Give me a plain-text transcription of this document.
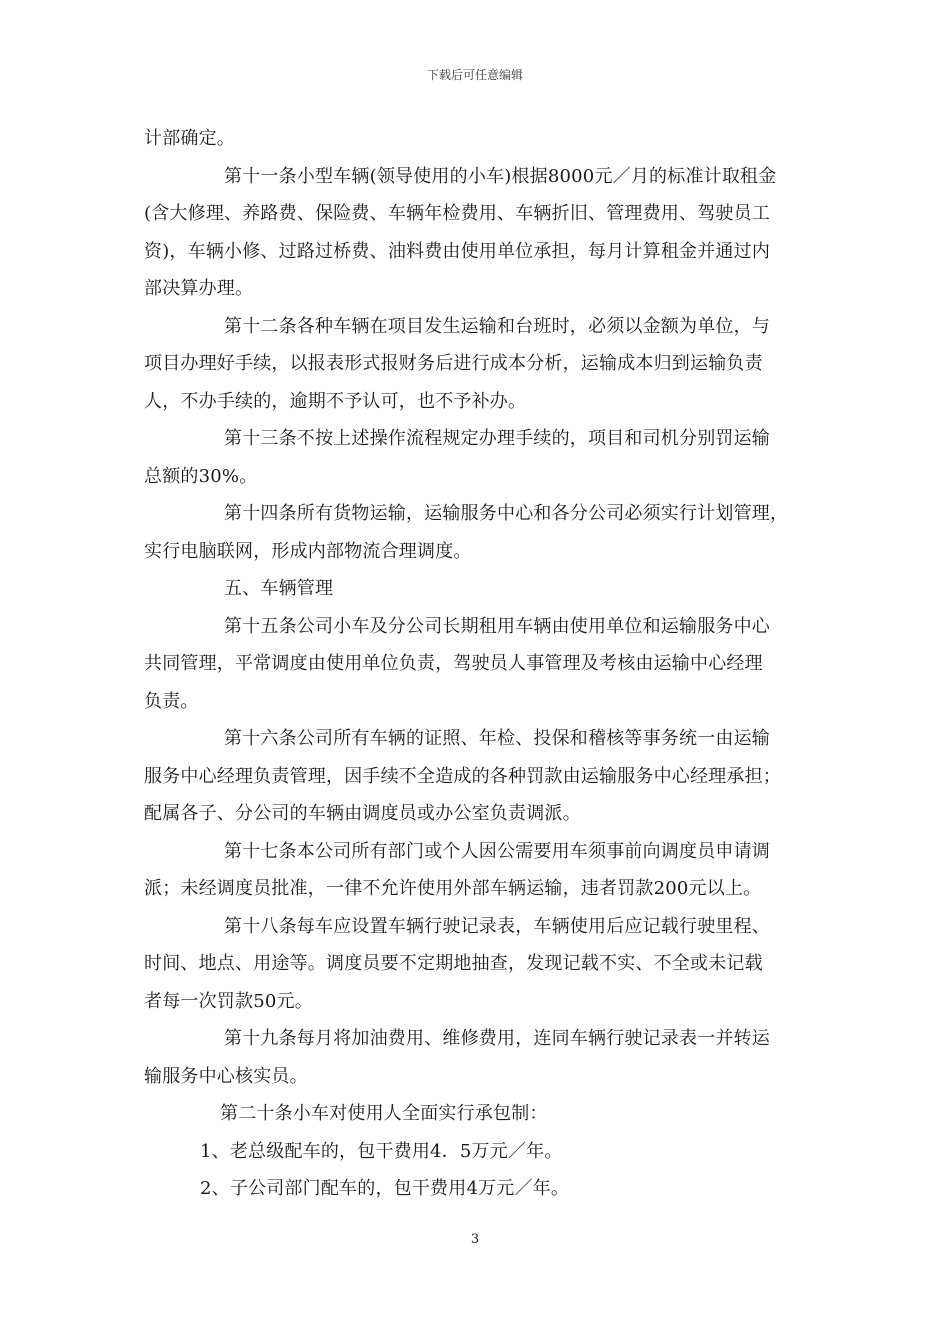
下载后可任意编辑
计部确定。
第十一条小型车辆(领导使用的小车)根据8000元／月的标准计取租金
(含大修理、养路费、保险费、车辆年检费用、车辆折旧、管理费用、驾驶员工
资)，车辆小修、过路过桥费、油料费由使用单位承担，每月计算租金并通过内
部决算办理。
第十二条各种车辆在项目发生运输和台班时，必须以金额为单位，与
项目办理好手续，以报表形式报财务后进行成本分析，运输成本归到运输负责
人，不办手续的，逾期不予认可，也不予补办。
第十三条不按上述操作流程规定办理手续的，项目和司机分别罚运输
总额的30%。
第十四条所有货物运输，运输服务中心和各分公司必须实行计划管理，
实行电脑联网，形成内部物流合理调度。
五、车辆管理
第十五条公司小车及分公司长期租用车辆由使用单位和运输服务中心
共同管理，平常调度由使用单位负责，驾驶员人事管理及考核由运输中心经理
负责。
第十六条公司所有车辆的证照、年检、投保和稽核等事务统一由运输
服务中心经理负责管理，因手续不全造成的各种罚款由运输服务中心经理承担；
配属各子、分公司的车辆由调度员或办公室负责调派。
第十七条本公司所有部门或个人因公需要用车须事前向调度员申请调
派；未经调度员批准，一律不允许使用外部车辆运输，违者罚款200元以上。
第十八条每车应设置车辆行驶记录表，车辆使用后应记载行驶里程、
时间、地点、用途等。调度员要不定期地抽查，发现记载不实、不全或未记载
者每一次罚款50元。
第十九条每月将加油费用、维修费用，连同车辆行驶记录表一并转运
输服务中心核实员。
第二十条小车对使用人全面实行承包制：
1、老总级配车的，包干费用4．5万元／年。
2、子公司部门配车的，包干费用4万元／年。
3
